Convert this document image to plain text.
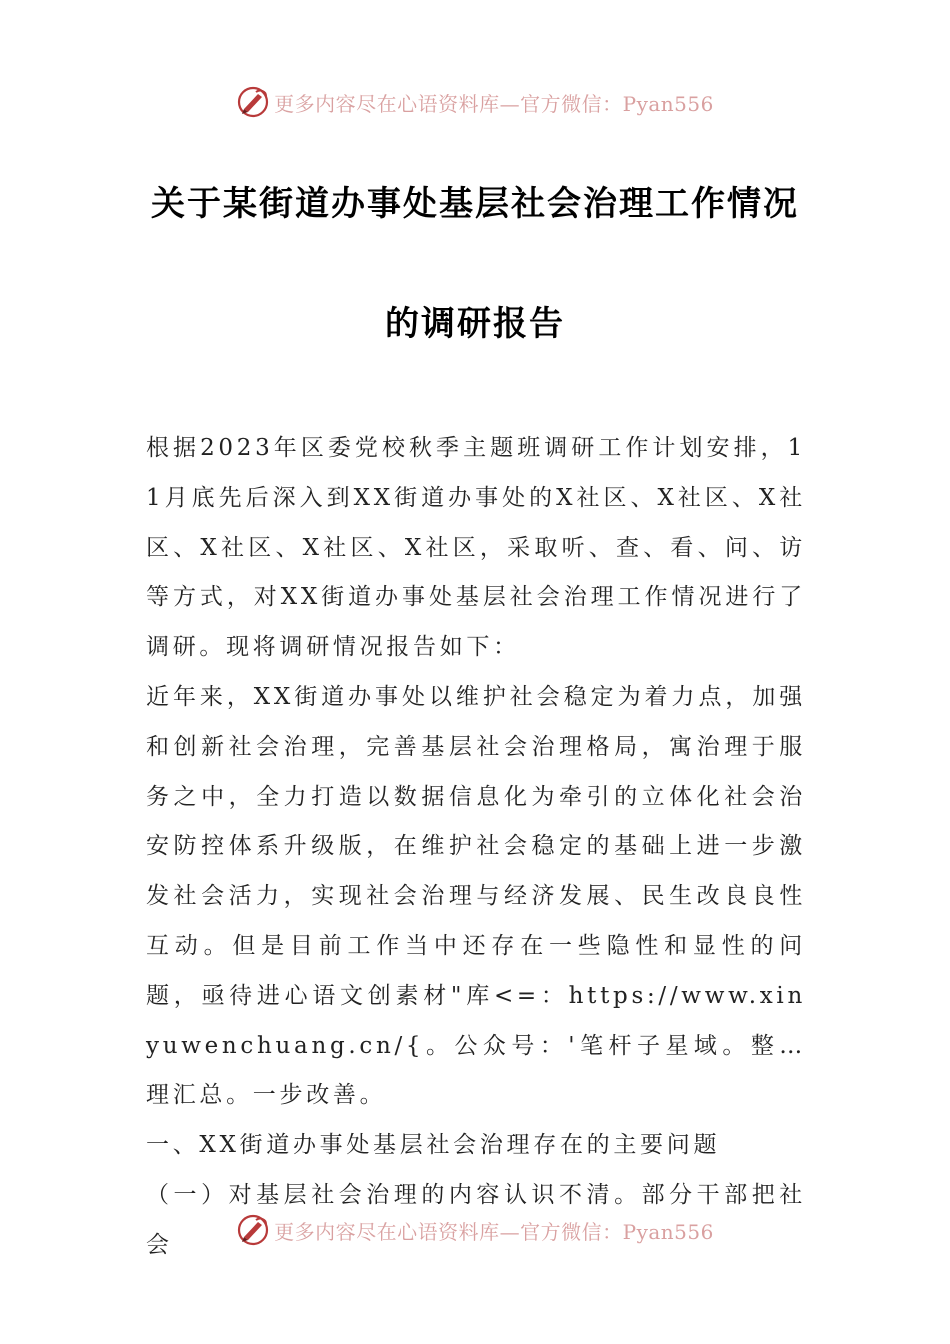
更多内容尽在心语资料库—官方微信：Pyan556
关于某街道办事处基层社会治理工作情况
的调研报告

根据2023年区委党校秋季主题班调研工作计划安排，11月底先后深入到XX街道办事处的X社区、X社区、X社区、X社区、X社区、X社区，采取听、查、看、问、访等方式，对XX街道办事处基层社会治理工作情况进行了调研。现将调研情况报告如下：

近年来，XX街道办事处以维护社会稳定为着力点，加强和创新社会治理，完善基层社会治理格局，寓治理于服务之中，全力打造以数据信息化为牵引的立体化社会治安防控体系升级版，在维护社会稳定的基础上进一步激发社会活力，实现社会治理与经济发展、民生改良良性互动。但是目前工作当中还存在一些隐性和显性的问题，亟待进心语文创素材"库<=：https://www.xinyuwenchuang.cn/{。公众号：'笔杆子星域。整…理汇总。一步改善。

一、XX街道办事处基层社会治理存在的主要问题

（一）对基层社会治理的内容认识不清。部分干部把社会

更多内容尽在心语资料库—官方微信：Pyan556
